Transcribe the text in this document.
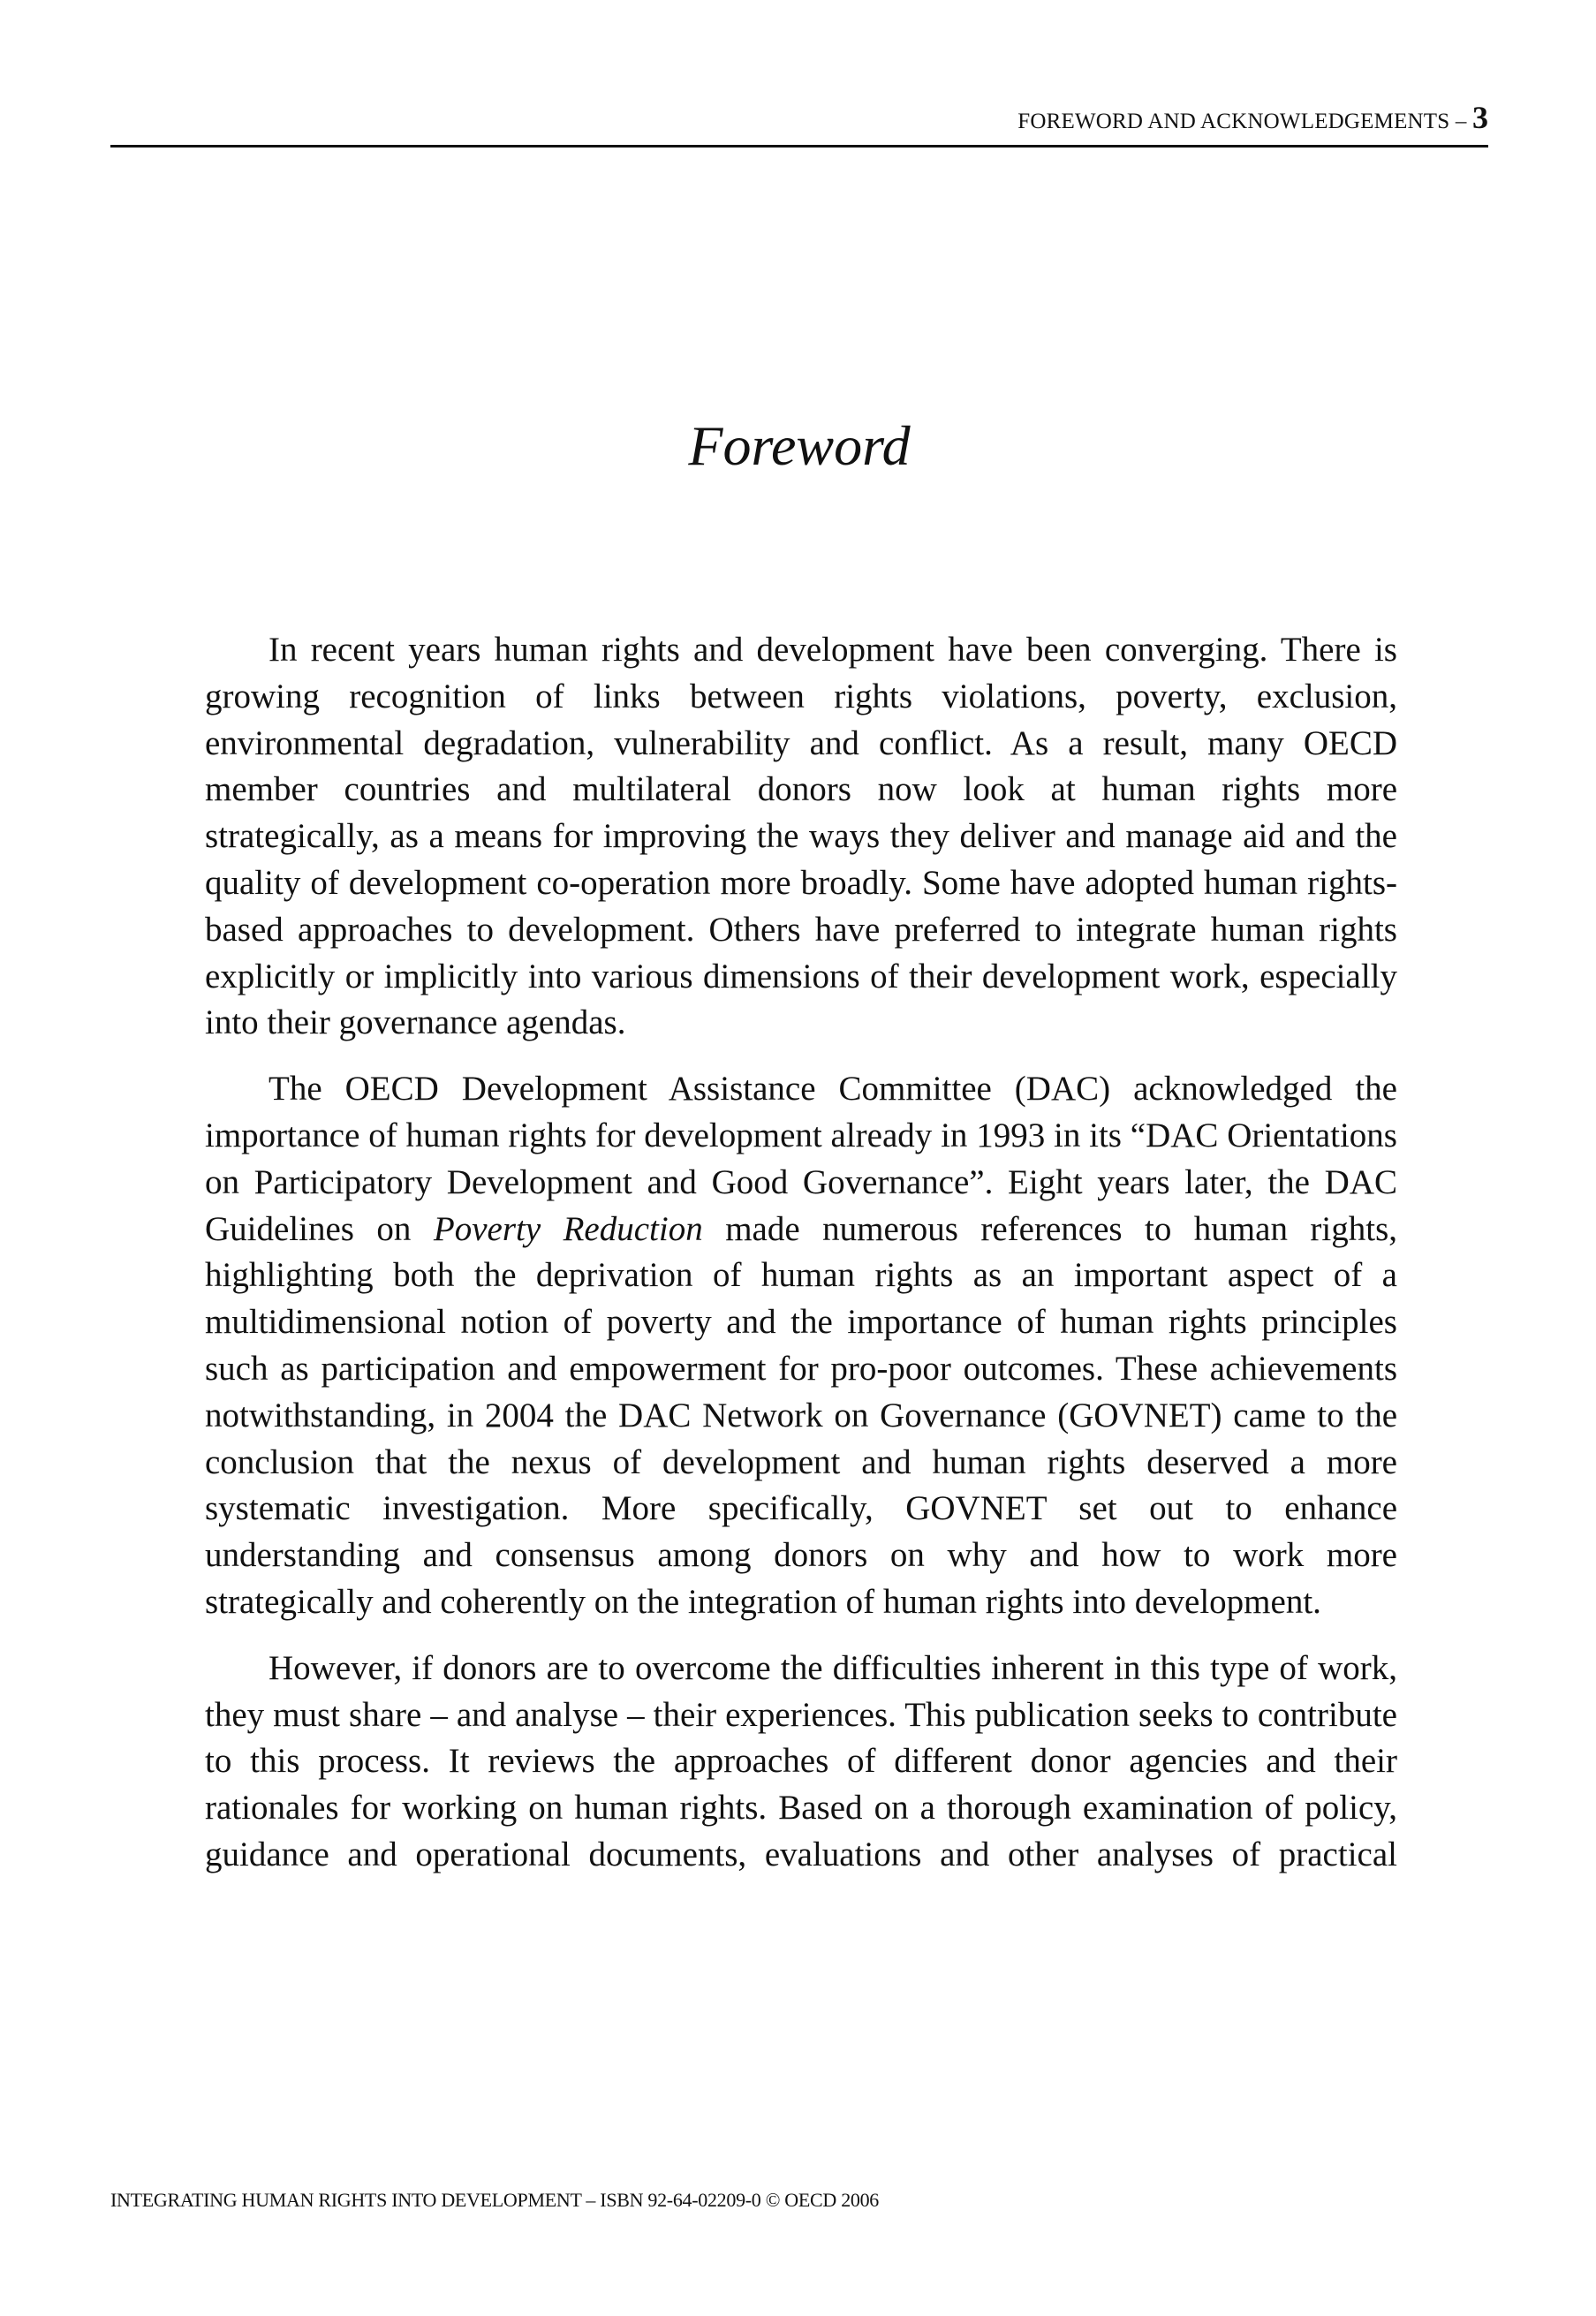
FOREWORD AND ACKNOWLEDGEMENTS – 3
Foreword

In recent years human rights and development have been converging. There is growing recognition of links between rights violations, poverty, exclusion, environmental degradation, vulnerability and conflict. As a result, many OECD member countries and multilateral donors now look at human rights more strategically, as a means for improving the ways they deliver and manage aid and the quality of development co-operation more broadly. Some have adopted human rights-based approaches to development. Others have preferred to integrate human rights explicitly or implicitly into various dimensions of their development work, especially into their governance agendas.

The OECD Development Assistance Committee (DAC) acknowledged the importance of human rights for development already in 1993 in its “DAC Orientations on Participatory Development and Good Governance”. Eight years later, the DAC Guidelines on Poverty Reduction made numerous references to human rights, highlighting both the deprivation of human rights as an important aspect of a multidimensional notion of poverty and the importance of human rights principles such as participation and empowerment for pro-poor outcomes. These achievements notwithstanding, in 2004 the DAC Network on Governance (GOVNET) came to the conclusion that the nexus of development and human rights deserved a more systematic investigation. More specifically, GOVNET set out to enhance understanding and consensus among donors on why and how to work more strategically and coherently on the integration of human rights into development.

However, if donors are to overcome the difficulties inherent in this type of work, they must share – and analyse – their experiences. This publication seeks to contribute to this process. It reviews the approaches of different donor agencies and their rationales for working on human rights. Based on a thorough examination of policy, guidance and operational documents, evaluations and other analyses of practical

INTEGRATING HUMAN RIGHTS INTO DEVELOPMENT – ISBN 92-64-02209-0 © OECD 2006
